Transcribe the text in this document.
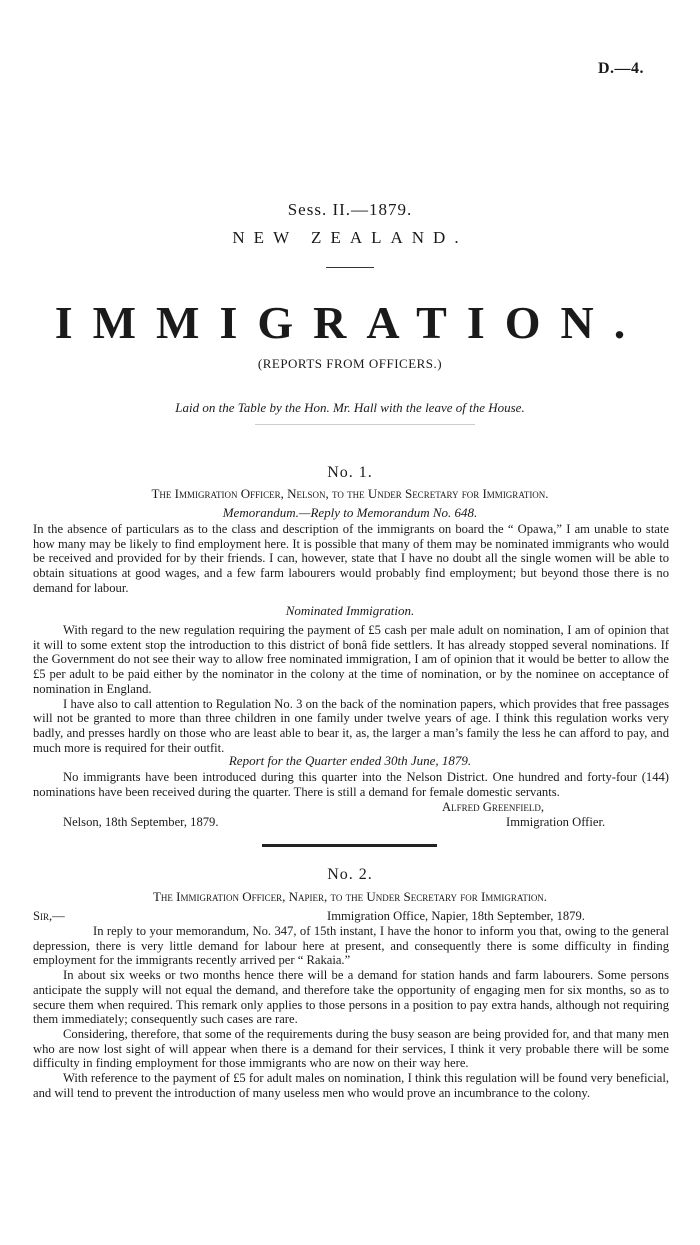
D.—4.
Sess. II.—1879.
NEW ZEALAND.
IMMIGRATION.
(REPORTS FROM OFFICERS.)
Laid on the Table by the Hon. Mr. Hall with the leave of the House.
No. 1.
The Immigration Officer, Nelson, to the Under Secretary for Immigration.
Memorandum.—Reply to Memorandum No. 648.

In the absence of particulars as to the class and description of the immigrants on board the “ Opawa,” I am unable to state how many may be likely to find employment here. It is possible that many of them may be nominated immigrants who would be received and provided for by their friends. I can, however, state that I have no doubt all the single women will be able to obtain situations at good wages, and a few farm labourers would probably find employment; but beyond those there is no demand for labour.

Nominated Immigration.

With regard to the new regulation requiring the payment of £5 cash per male adult on nomination, I am of opinion that it will to some extent stop the introduction to this district of bonâ fide settlers. It has already stopped several nominations. If the Government do not see their way to allow free nominated immigration, I am of opinion that it would be better to allow the £5 per adult to be paid either by the nominator in the colony at the time of nomination, or by the nominee on acceptance of nomination in England.

I have also to call attention to Regulation No. 3 on the back of the nomination papers, which provides that free passages will not be granted to more than three children in one family under twelve years of age. I think this regulation works very badly, and presses hardly on those who are least able to bear it, as, the larger a man’s family the less he can afford to pay, and much more is required for their outfit.

Report for the Quarter ended 30th June, 1879.

No immigrants have been introduced during this quarter into the Nelson District. One hundred and forty-four (144) nominations have been received during the quarter. There is still a demand for female domestic servants.

Alfred Greenfield,
Nelson, 18th September, 1879.	Immigration Offier.
No. 2.
The Immigration Officer, Napier, to the Under Secretary for Immigration.
Sir,—	Immigration Office, Napier, 18th September, 1879.

In reply to your memorandum, No. 347, of 15th instant, I have the honor to inform you that, owing to the general depression, there is very little demand for labour here at present, and consequently there is some difficulty in finding employment for the immigrants recently arrived per “ Rakaia.”

In about six weeks or two months hence there will be a demand for station hands and farm labourers. Some persons anticipate the supply will not equal the demand, and therefore take the opportunity of engaging men for six months, so as to secure them when required. This remark only applies to those persons in a position to pay extra hands, although not requiring them immediately; consequently such cases are rare.

Considering, therefore, that some of the requirements during the busy season are being provided for, and that many men who are now lost sight of will appear when there is a demand for their services, I think it very probable there will be some difficulty in finding employment for those immigrants who are now on their way here.

With reference to the payment of £5 for adult males on nomination, I think this regulation will be found very beneficial, and will tend to prevent the introduction of many useless men who would prove an incumbrance to the colony.
